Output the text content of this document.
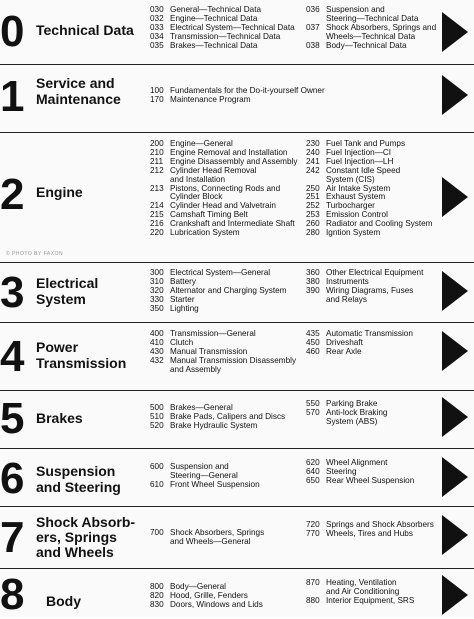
0 Technical Data
030 General—Technical Data
032 Engine—Technical Data
033 Electrical System—Technical Data
034 Transmission—Technical Data
035 Brakes—Technical Data
036 Suspension and
Steering—Technical Data
037 Shock Absorbers, Springs and
Wheels—Technical Data
038 Body—Technical Data
1 Service and
Maintenance
100 Fundamentals for the Do-it-yourself Owner
170 Maintenance Program
2 Engine
200 Engine—General
210 Engine Removal and Installation
211 Engine Disassembly and Assembly
212 Cylinder Head Removal
and Installation
213 Pistons, Connecting Rods and
Cylinder Block
214 Cylinder Head and Valvetrain
215 Camshaft Timing Belt
216 Crankshaft and Intermediate Shaft
220 Lubrication System
230 Fuel Tank and Pumps
240 Fuel Injection—CI
241 Fuel Injection—LH
242 Constant Idle Speed
System (CIS)
250 Air Intake System
251 Exhaust System
252 Turbocharger
253 Emission Control
260 Radiator and Cooling System
280 Igntion System
© PHOTO BY FAXON
3 Electrical
System
300 Electrical System—General
310 Battery
320 Alternator and Charging System
330 Starter
350 Lighting
360 Other Electrical Equipment
380 Instruments
390 Wiring Diagrams, Fuses
and Relays
4 Power
Transmission
400 Transmission—General
410 Clutch
430 Manual Transmission
432 Manual Transmission Disassembly
and Assembly
435 Automatic Transmission
450 Driveshaft
460 Rear Axle
5 Brakes
500 Brakes—General
510 Brake Pads, Calipers and Discs
520 Brake Hydraulic System
550 Parking Brake
570 Anti-lock Braking
System (ABS)
6 Suspension
and Steering
600 Suspension and
Steering—General
610 Front Wheel Suspension
620 Wheel Alignment
640 Steering
650 Rear Wheel Suspension
7 Shock Absorb-
ers, Springs
and Wheels
700 Shock Absorbers, Springs
and Wheels—General
720 Springs and Shock Absorbers
770 Wheels, Tires and Hubs
8 Body
800 Body—General
820 Hood, Grille, Fenders
830 Doors, Windows and Lids
870 Heating, Ventilation
and Air Conditioning
880 Interior Equipment, SRS
